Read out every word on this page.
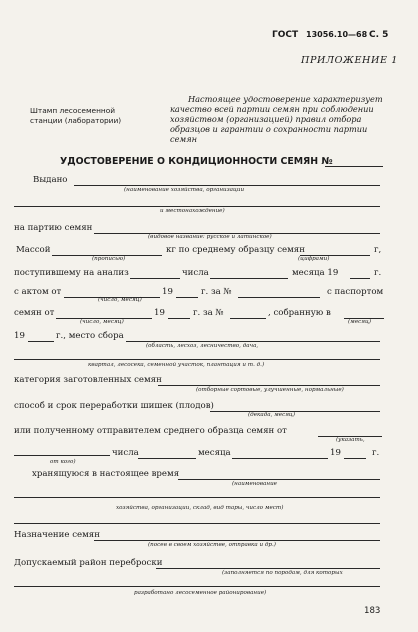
ГОСТ 13056.10—68 С. 5
ПРИЛОЖЕНИЕ 1
Штамп лесосеменной
станции (лаборатории)
Настоящее удостоверение характеризует
качество всей партии семян при соблюдении
хозяйством (организацией) правил отбора
образцов и гарантии о сохранности партии
семян
УДОСТОВЕРЕНИЕ О КОНДИЦИОННОСТИ СЕМЯН №
Выдано
(наименование хозяйства, организации
и местонахождение)
на партию семян
(видовое название: русское и латинское)
Массой	кг по среднему образцу семян	г,
(прописью)	(цифрами)
поступившему на анализ	числа	месяца 19	г.
с актом от	19	г. за №	с паспортом
(число, месяц)
семян от	19	г. за №	, собранную в
(число, месяц)	(месяц)
19	г., место сбора
(область, лесхоз, лесничество, дача,
квартал, лесосека, семенной участок, плантация и т. д.)
категория заготовленных семян
(отборные сортовые, улучшенные, нормальные)
способ и срок переработки шишек (плодов)
(декада, месяц)
или полученному отправителем среднего образца семян от
(указать,
числа	месяца	19	г.
от кого)
хранящуюся в настоящее время
(наименование
хозяйства, организации, склад, вид тары, число мест)
Назначение семян
(посев в своем хозяйстве, отправка и др.)
Допускаемый район переброски
(заполняется по породам, для которых
разработано лесосеменное районирование)
183
